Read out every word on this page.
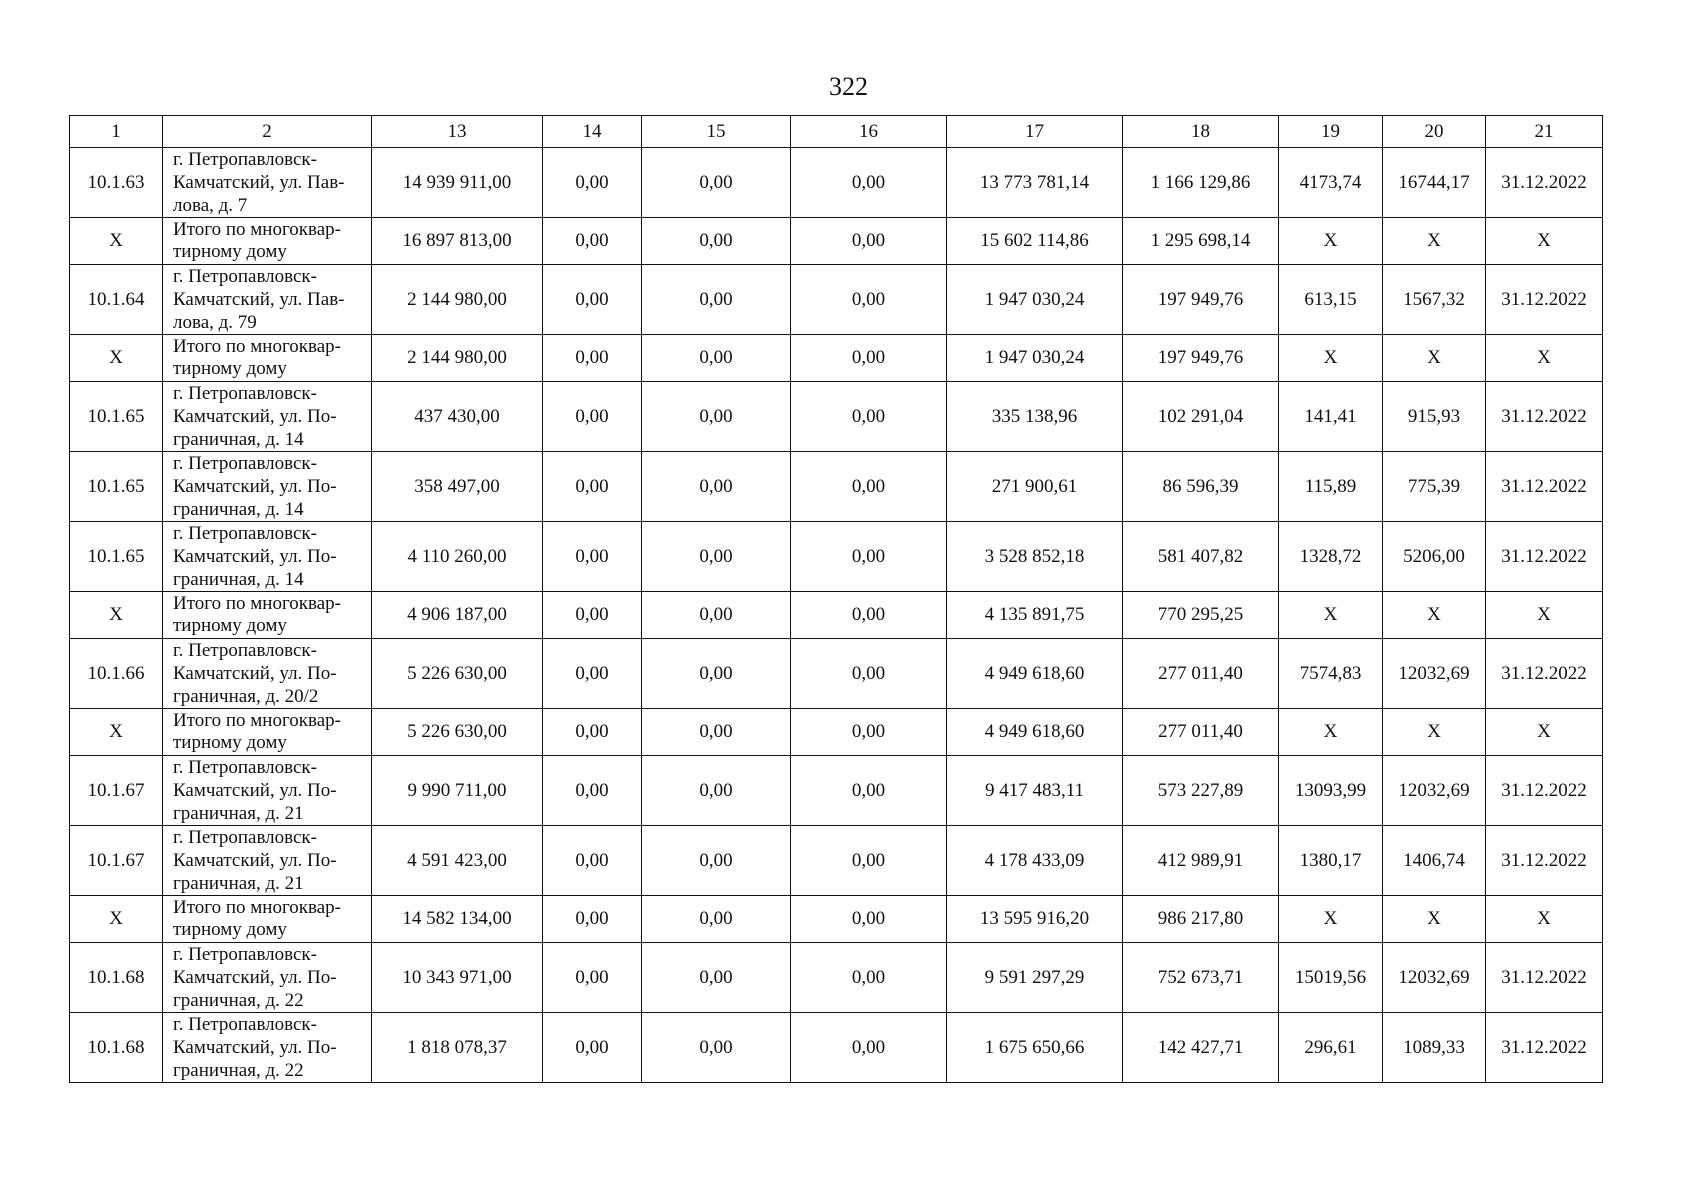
322
1	2	13	14	15	16	17	18	19	20	21
10.1.63	г. Петропавловск-
Камчатский, ул. Пав-
лова, д. 7	14 939 911,00	0,00	0,00	0,00	13 773 781,14	1 166 129,86	4173,74	16744,17	31.12.2022
X	Итого по многоквар-
тирному дому	16 897 813,00	0,00	0,00	0,00	15 602 114,86	1 295 698,14	X	X	X
10.1.64	г. Петропавловск-
Камчатский, ул. Пав-
лова, д. 79	2 144 980,00	0,00	0,00	0,00	1 947 030,24	197 949,76	613,15	1567,32	31.12.2022
X	Итого по многоквар-
тирному дому	2 144 980,00	0,00	0,00	0,00	1 947 030,24	197 949,76	X	X	X
10.1.65	г. Петропавловск-
Камчатский, ул. По-
граничная, д. 14	437 430,00	0,00	0,00	0,00	335 138,96	102 291,04	141,41	915,93	31.12.2022
10.1.65	г. Петропавловск-
Камчатский, ул. По-
граничная, д. 14	358 497,00	0,00	0,00	0,00	271 900,61	86 596,39	115,89	775,39	31.12.2022
10.1.65	г. Петропавловск-
Камчатский, ул. По-
граничная, д. 14	4 110 260,00	0,00	0,00	0,00	3 528 852,18	581 407,82	1328,72	5206,00	31.12.2022
X	Итого по многоквар-
тирному дому	4 906 187,00	0,00	0,00	0,00	4 135 891,75	770 295,25	X	X	X
10.1.66	г. Петропавловск-
Камчатский, ул. По-
граничная, д. 20/2	5 226 630,00	0,00	0,00	0,00	4 949 618,60	277 011,40	7574,83	12032,69	31.12.2022
X	Итого по многоквар-
тирному дому	5 226 630,00	0,00	0,00	0,00	4 949 618,60	277 011,40	X	X	X
10.1.67	г. Петропавловск-
Камчатский, ул. По-
граничная, д. 21	9 990 711,00	0,00	0,00	0,00	9 417 483,11	573 227,89	13093,99	12032,69	31.12.2022
10.1.67	г. Петропавловск-
Камчатский, ул. По-
граничная, д. 21	4 591 423,00	0,00	0,00	0,00	4 178 433,09	412 989,91	1380,17	1406,74	31.12.2022
X	Итого по многоквар-
тирному дому	14 582 134,00	0,00	0,00	0,00	13 595 916,20	986 217,80	X	X	X
10.1.68	г. Петропавловск-
Камчатский, ул. По-
граничная, д. 22	10 343 971,00	0,00	0,00	0,00	9 591 297,29	752 673,71	15019,56	12032,69	31.12.2022
10.1.68	г. Петропавловск-
Камчатский, ул. По-
граничная, д. 22	1 818 078,37	0,00	0,00	0,00	1 675 650,66	142 427,71	296,61	1089,33	31.12.2022
